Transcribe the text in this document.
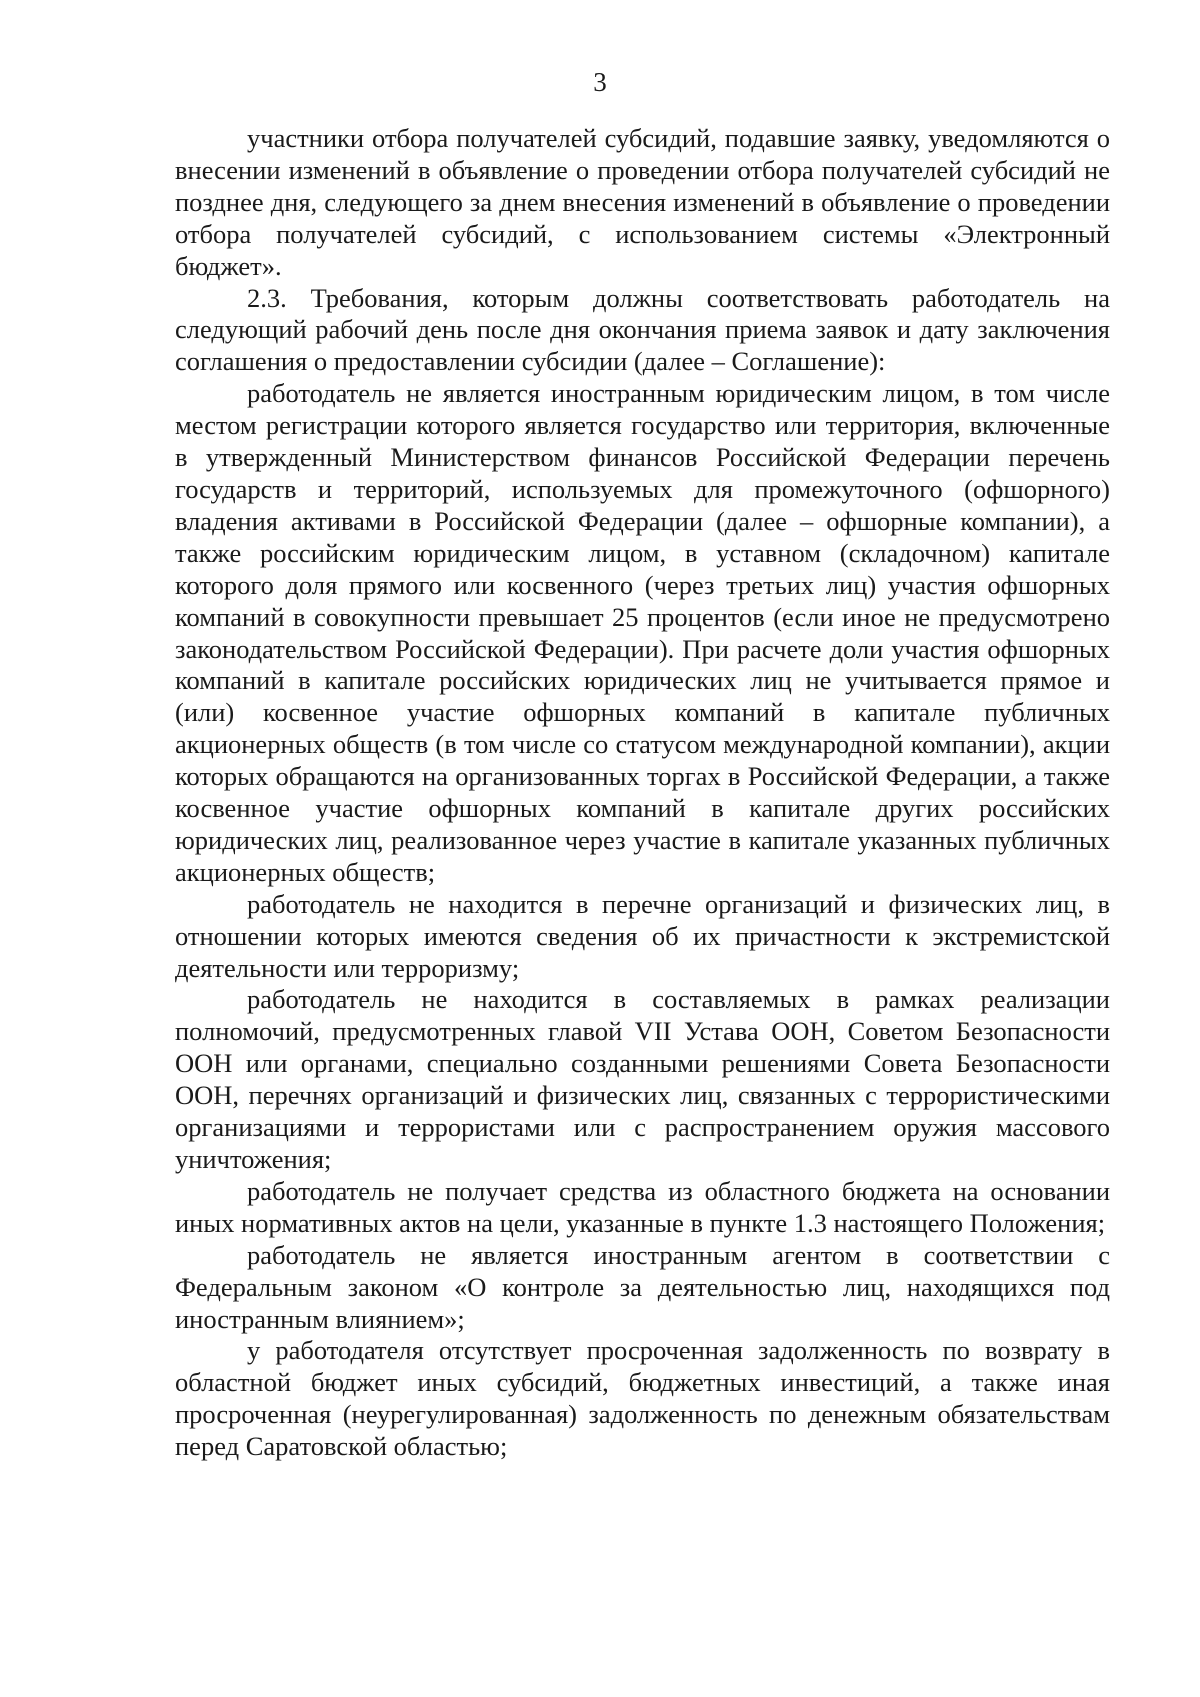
3

участники отбора получателей субсидий, подавшие заявку, уведомляются о внесении изменений в объявление о проведении отбора получателей субсидий не позднее дня, следующего за днем внесения изменений в объявление о проведении отбора получателей субсидий, с использованием системы «Электронный бюджет».

2.3. Требования, которым должны соответствовать работодатель на следующий рабочий день после дня окончания приема заявок и дату заключения соглашения о предоставлении субсидии (далее – Соглашение):

работодатель не является иностранным юридическим лицом, в том числе местом регистрации которого является государство или территория, включенные в утвержденный Министерством финансов Российской Федерации перечень государств и территорий, используемых для промежуточного (офшорного) владения активами в Российской Федерации (далее – офшорные компании), а также российским юридическим лицом, в уставном (складочном) капитале которого доля прямого или косвенного (через третьих лиц) участия офшорных компаний в совокупности превышает 25 процентов (если иное не предусмотрено законодательством Российской Федерации). При расчете доли участия офшорных компаний в капитале российских юридических лиц не учитывается прямое и (или) косвенное участие офшорных компаний в капитале публичных акционерных обществ (в том числе со статусом международной компании), акции которых обращаются на организованных торгах в Российской Федерации, а также косвенное участие офшорных компаний в капитале других российских юридических лиц, реализованное через участие в капитале указанных публичных акционерных обществ;

работодатель не находится в перечне организаций и физических лиц, в отношении которых имеются сведения об их причастности к экстремистской деятельности или терроризму;

работодатель не находится в составляемых в рамках реализации полномочий, предусмотренных главой VII Устава ООН, Советом Безопасности ООН или органами, специально созданными решениями Совета Безопасности ООН, перечнях организаций и физических лиц, связанных с террористическими организациями и террористами или с распространением оружия массового уничтожения;

работодатель не получает средства из областного бюджета на основании иных нормативных актов на цели, указанные в пункте 1.3 настоящего Положения;

работодатель не является иностранным агентом в соответствии с Федеральным законом «О контроле за деятельностью лиц, находящихся под иностранным влиянием»;

у работодателя отсутствует просроченная задолженность по возврату в областной бюджет иных субсидий, бюджетных инвестиций, а также иная просроченная (неурегулированная) задолженность по денежным обязательствам перед Саратовской областью;
